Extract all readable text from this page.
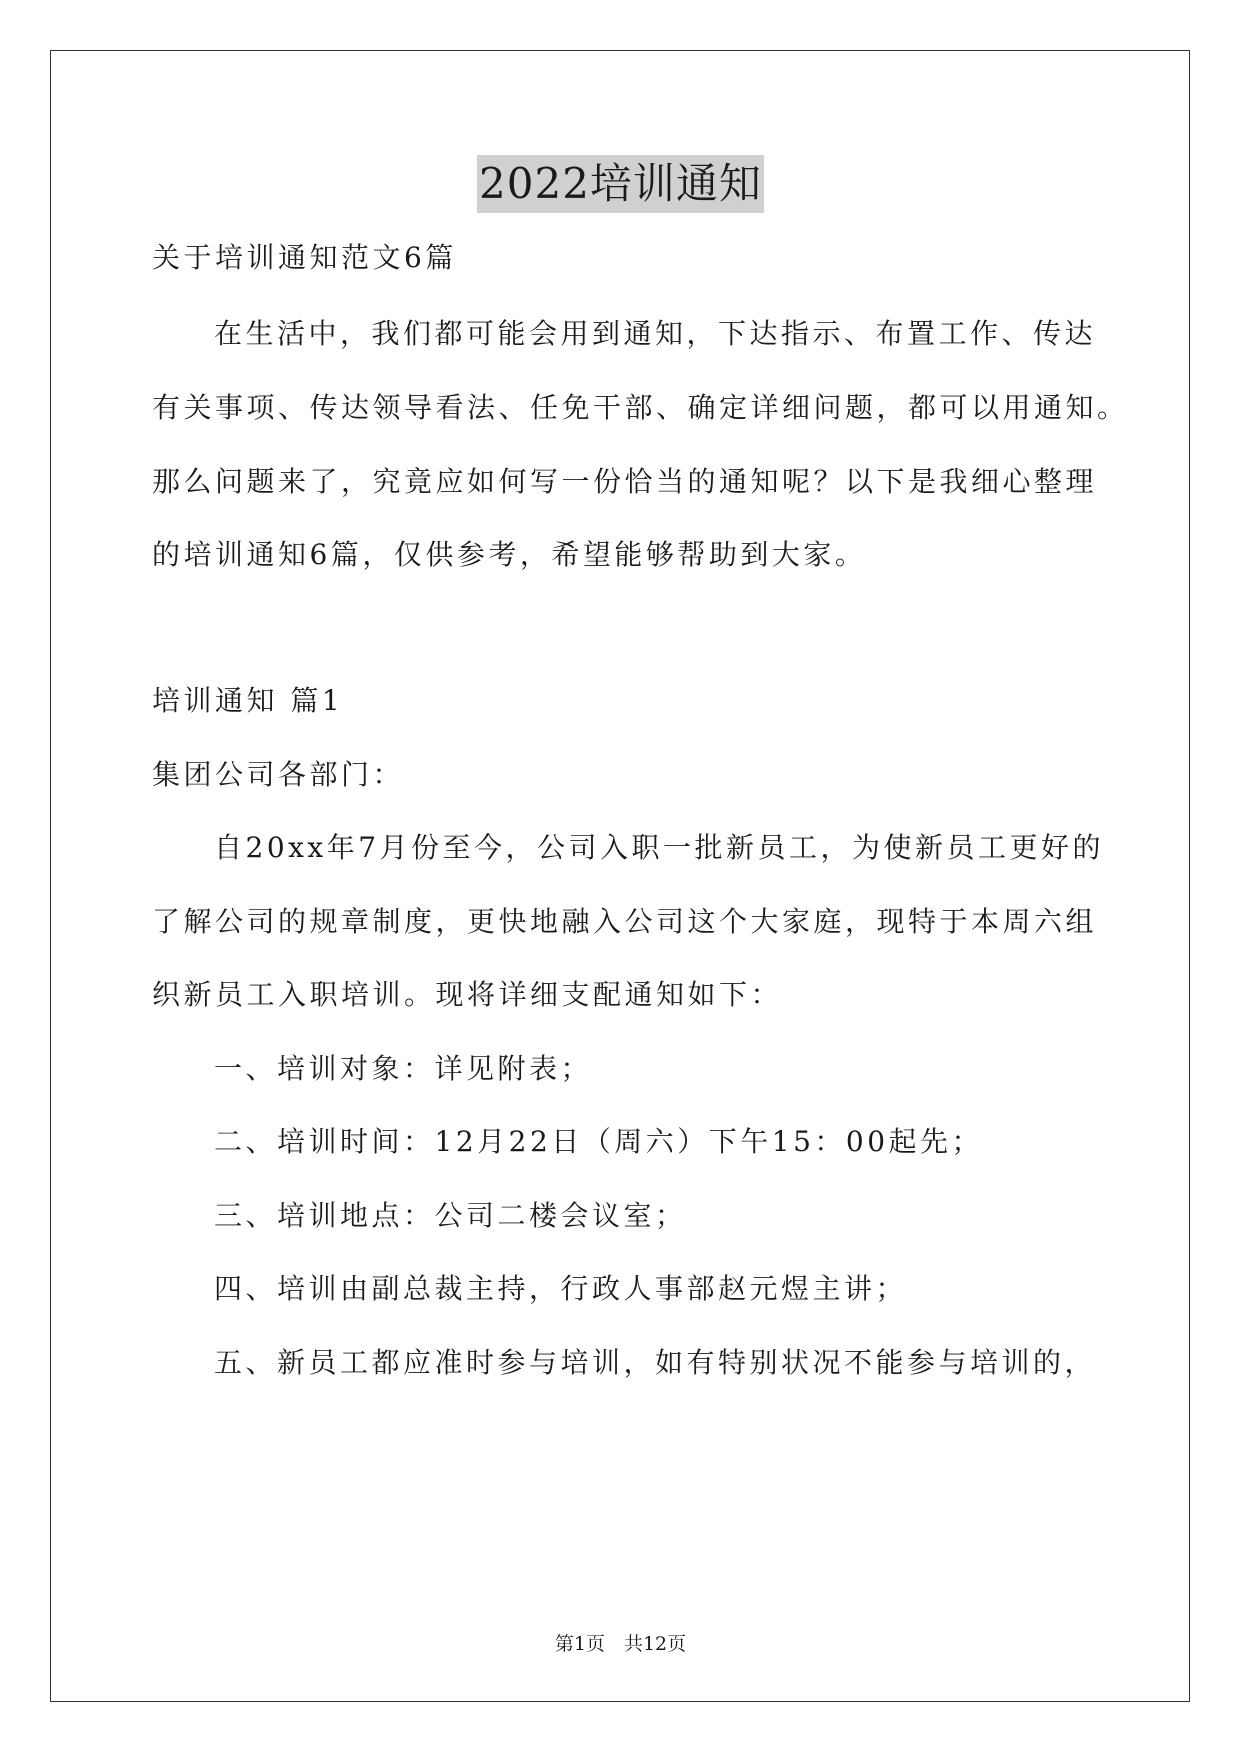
2022培训通知
关于培训通知范文6篇
在生活中，我们都可能会用到通知，下达指示、布置工作、传达
有关事项、传达领导看法、任免干部、确定详细问题，都可以用通知。
那么问题来了，究竟应如何写一份恰当的通知呢？以下是我细心整理
的培训通知6篇，仅供参考，希望能够帮助到大家。
培训通知 篇1
集团公司各部门：
自20xx年7月份至今，公司入职一批新员工，为使新员工更好的
了解公司的规章制度，更快地融入公司这个大家庭，现特于本周六组
织新员工入职培训。现将详细支配通知如下：
一、培训对象：详见附表；
二、培训时间：12月22日（周六）下午15：00起先；
三、培训地点：公司二楼会议室；
四、培训由副总裁主持，行政人事部赵元煜主讲；
五、新员工都应准时参与培训，如有特别状况不能参与培训的，
第1页　共12页
